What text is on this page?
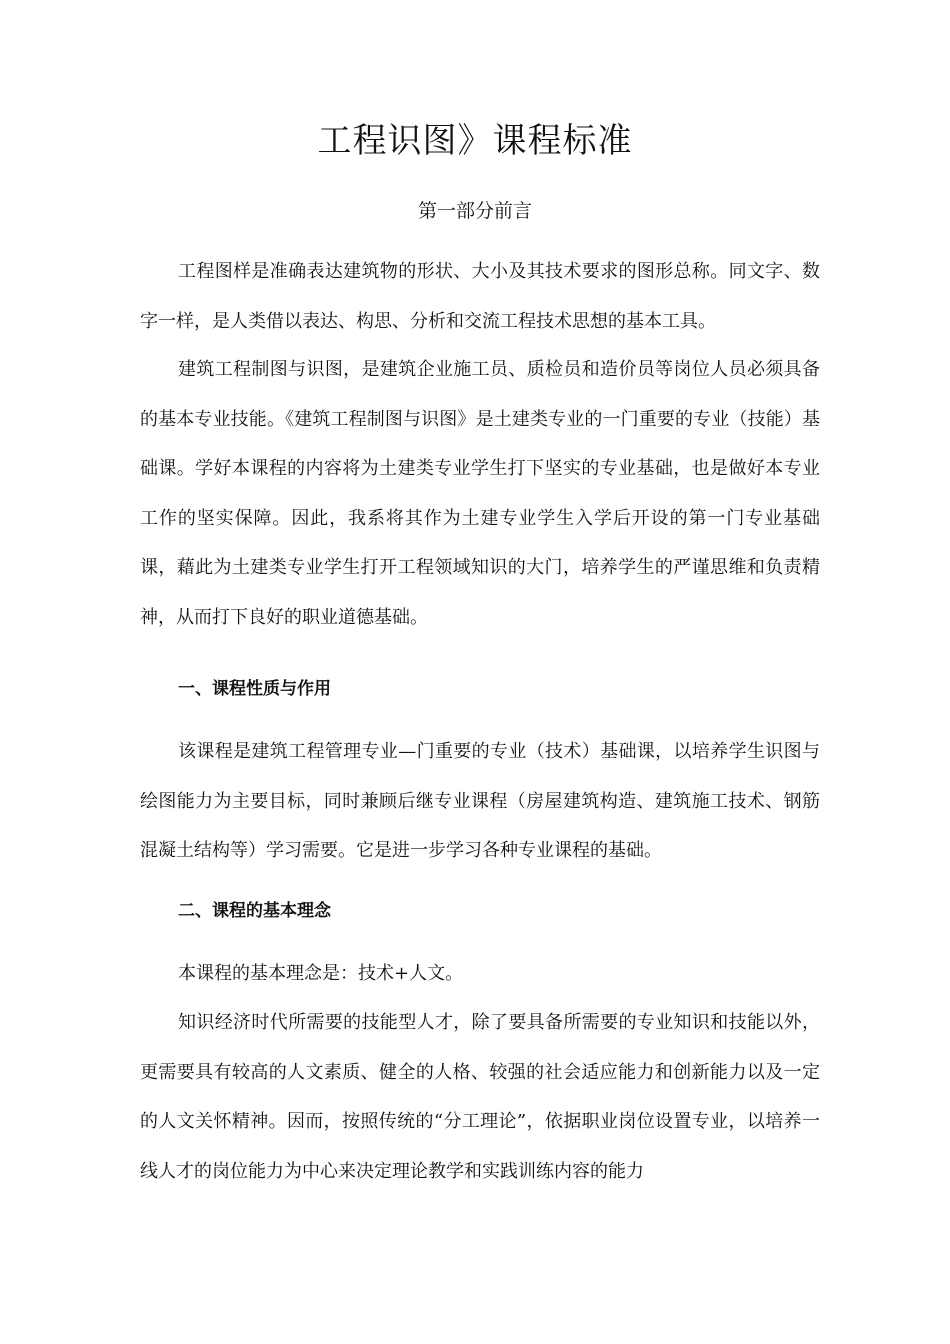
工程识图》课程标准
第一部分前言

工程图样是准确表达建筑物的形状、大小及其技术要求的图形总称。同文字、数字一样，是人类借以表达、构思、分析和交流工程技术思想的基本工具。

建筑工程制图与识图，是建筑企业施工员、质检员和造价员等岗位人员必须具备的基本专业技能。《建筑工程制图与识图》是土建类专业的一门重要的专业（技能）基础课。学好本课程的内容将为土建类专业学生打下坚实的专业基础，也是做好本专业工作的坚实保障。因此，我系将其作为土建专业学生入学后开设的第一门专业基础课，藉此为土建类专业学生打开工程领域知识的大门，培养学生的严谨思维和负责精神，从而打下良好的职业道德基础。

一、课程性质与作用

该课程是建筑工程管理专业—门重要的专业（技术）基础课，以培养学生识图与绘图能力为主要目标，同时兼顾后继专业课程（房屋建筑构造、建筑施工技术、钢筋混凝土结构等）学习需要。它是进一步学习各种专业课程的基础。

二、课程的基本理念

本课程的基本理念是：技术+人文。

知识经济时代所需要的技能型人才，除了要具备所需要的专业知识和技能以外，更需要具有较高的人文素质、健全的人格、较强的社会适应能力和创新能力以及一定的人文关怀精神。因而，按照传统的“分工理论”，依据职业岗位设置专业，以培养一线人才的岗位能力为中心来决定理论教学和实践训练内容的能力
